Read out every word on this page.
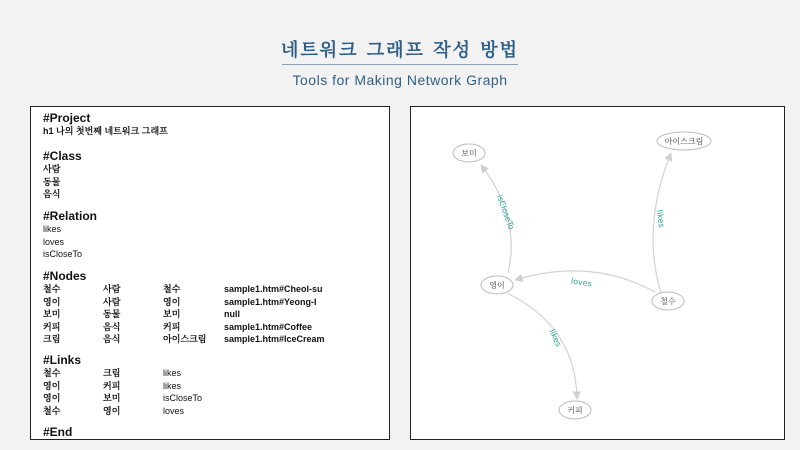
네트워크 그래프 작성 방법
Tools for Making Network Graph
#Project
h1 나의 첫번째 네트워크 그래프
#Class
사람
동물
음식
#Relation
likes
loves
isCloseTo
#Nodes
철수	사람	철수	sample1.htm#Cheol-su
영이	사람	영이	sample1.htm#Yeong-I
보미	동물	보미	null
커피	음식	커피	sample1.htm#Coffee
크림	음식	아이스크림 sample1.htm#IceCream
#Links
철수	크림	likes
영이	커피	likes
영이	보미	isCloseTo
철수	영이	loves
#End
isCloseTo	likes
loves
likes
보미
아이스크림
영이
철수
커피
